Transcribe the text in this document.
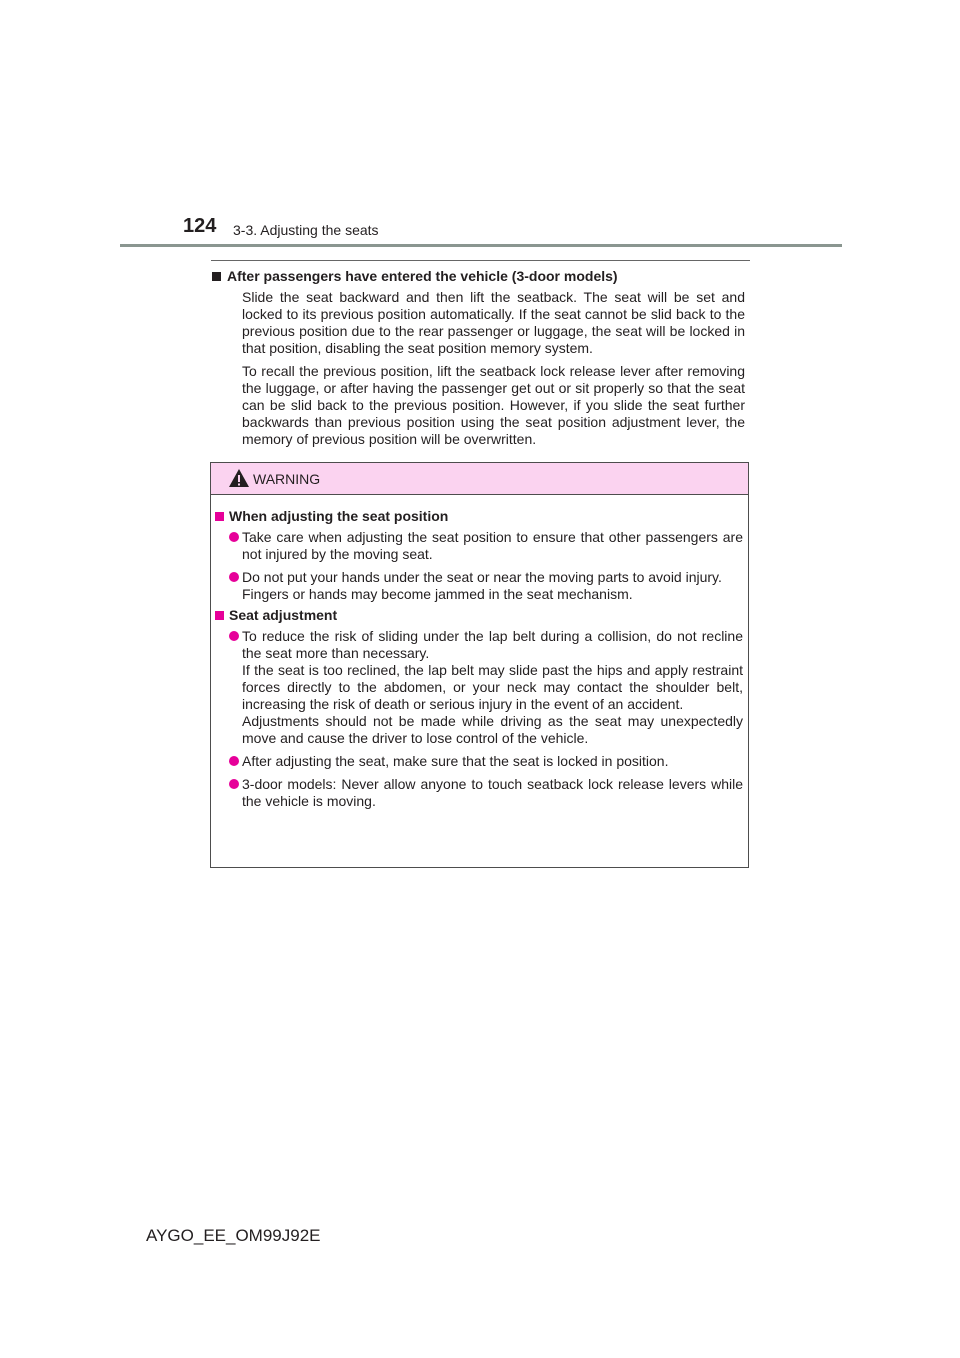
124 3-3. Adjusting the seats
After passengers have entered the vehicle (3-door models)
Slide the seat backward and then lift the seatback. The seat will be set and locked to its previous position automatically. If the seat cannot be slid back to the previous position due to the rear passenger or luggage, the seat will be locked in that position, disabling the seat position memory system.
To recall the previous position, lift the seatback lock release lever after removing the luggage, or after having the passenger get out or sit properly so that the seat can be slid back to the previous position. However, if you slide the seat further backwards than previous position using the seat position adjustment lever, the memory of previous position will be overwritten.
WARNING
When adjusting the seat position
Take care when adjusting the seat position to ensure that other passengers are not injured by the moving seat.
Do not put your hands under the seat or near the moving parts to avoid injury.
Fingers or hands may become jammed in the seat mechanism.
Seat adjustment
To reduce the risk of sliding under the lap belt during a collision, do not recline the seat more than necessary.
If the seat is too reclined, the lap belt may slide past the hips and apply restraint forces directly to the abdomen, or your neck may contact the shoulder belt, increasing the risk of death or serious injury in the event of an accident.
Adjustments should not be made while driving as the seat may unexpectedly move and cause the driver to lose control of the vehicle.
After adjusting the seat, make sure that the seat is locked in position.
3-door models: Never allow anyone to touch seatback lock release levers while the vehicle is moving.
AYGO_EE_OM99J92E
